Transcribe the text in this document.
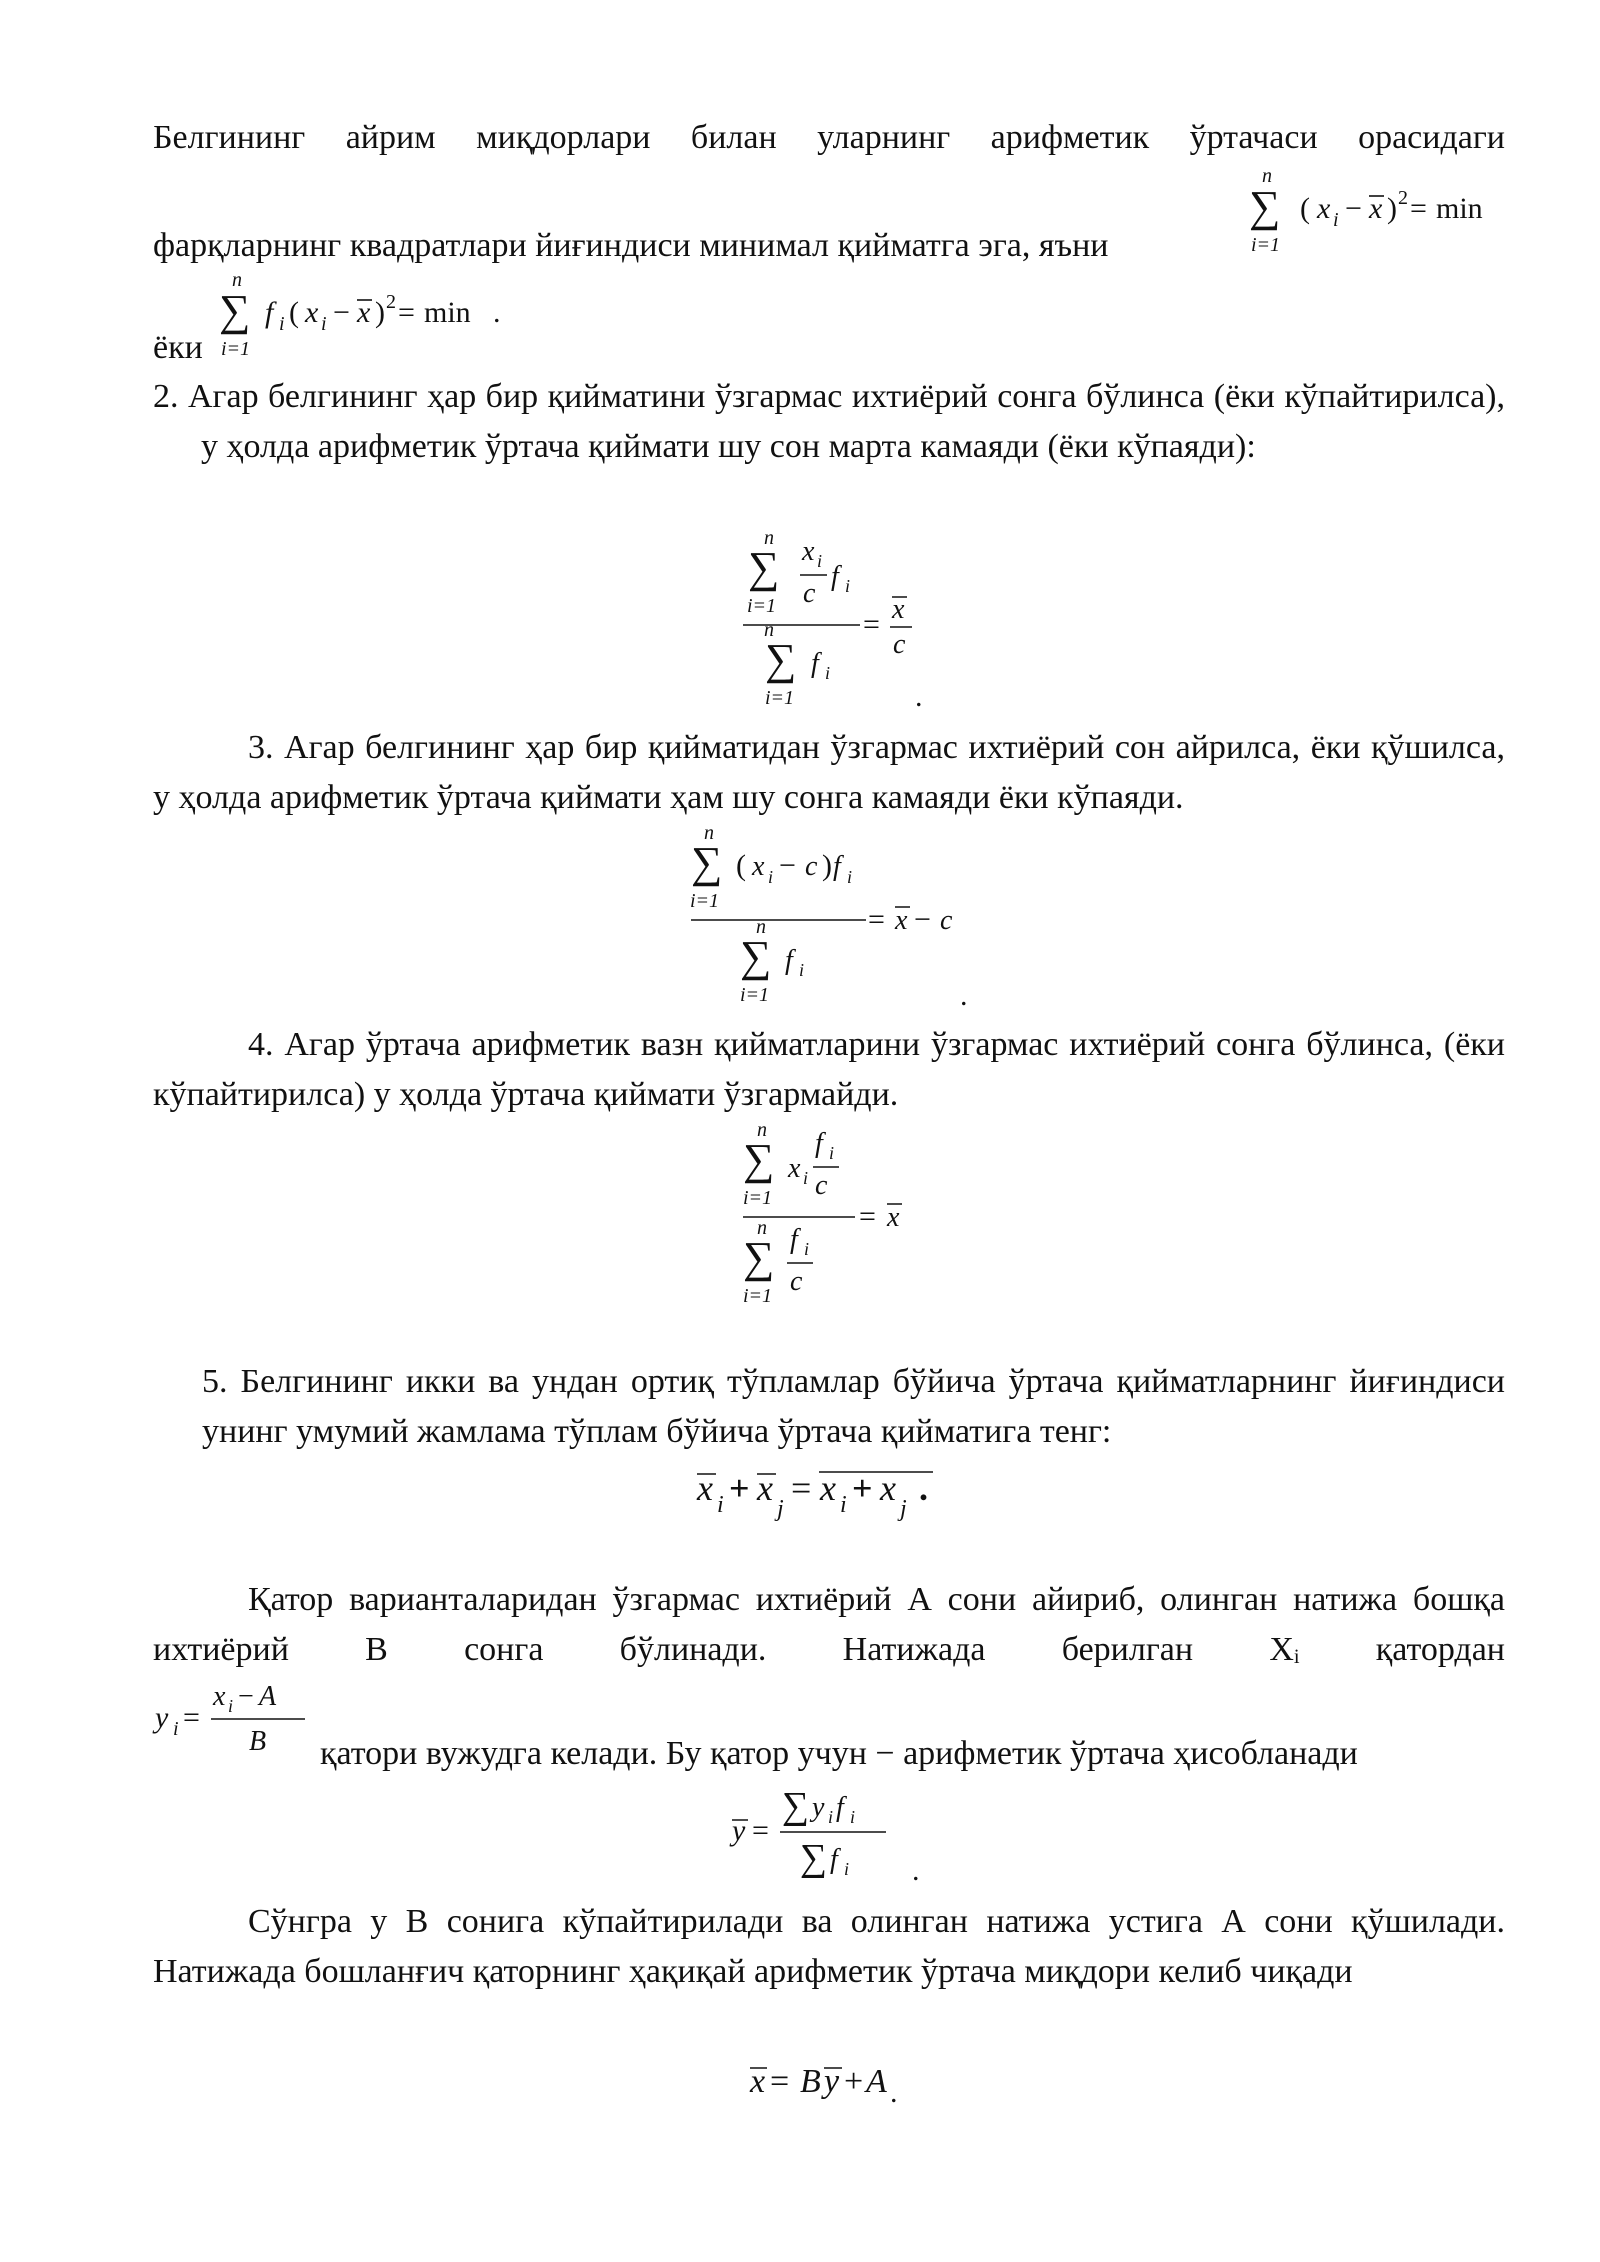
Белгининг айрим миқдорлари билан уларнинг арифметик ўртачаси орасидаги
фарқларнинг квадратлари йиғиндиси минимал қийматга эга, яъни
n
∑
i=1
( x i − x ) 2 = min
ёки
n
∑
i=1
f i ( x i − x ) 2 = min .
2. Агар белгининг ҳар бир қийматини ўзгармас ихтиёрий сонга бўлинса (ёки кўпайтирилса), у ҳолда арифметик ўртача қиймати шу сон марта камаяди (ёки кўпаяди):
n
∑
i=1
x i
c
f i
= x
c
n
∑
i=1
f i
.
3. Агар белгининг ҳар бир қийматидан ўзгармас ихтиёрий сон айрилса, ёки қўшилса, у ҳолда арифметик ўртача қиймати ҳам шу сонга камаяди ёки кўпаяди.
n
∑
i=1
( x i − c ) f i
= x − c
n
∑
i=1
f i
.
4. Агар ўртача арифметик вазн қийматларини ўзгармас ихтиёрий сонга бўлинса, (ёки кўпайтирилса) у ҳолда ўртача қиймати ўзгармайди.
n
∑
i=1
x i
f i
c
= x
n
∑
i=1
f i
c
5. Белгининг икки ва ундан ортиқ тўпламлар бўйича ўртача қийматларнинг йиғиндиси унинг умумий жамлама тўплам бўйича ўртача қийматига тенг:
x i + x
j
= x i + x
j
.
Қатор варианталаридан ўзгармас ихтиёрий А сони айириб, олинган натижа бошқа ихтиёрий В сонга бўлинади. Натижада берилган Xᵢ қатордан
y i =
x i − A
B қатори вужудга келади. Бу қатор учун − арифметик ўртача ҳисобланади
y =
∑ y i f i
∑ f i .
Сўнгра у В сонига кўпайтирилади ва олинган натижа устига А сони қўшилади. Натижада бошланғич қаторнинг ҳақиқай арифметик ўртача миқдори келиб чиқади
x = B y + A .
